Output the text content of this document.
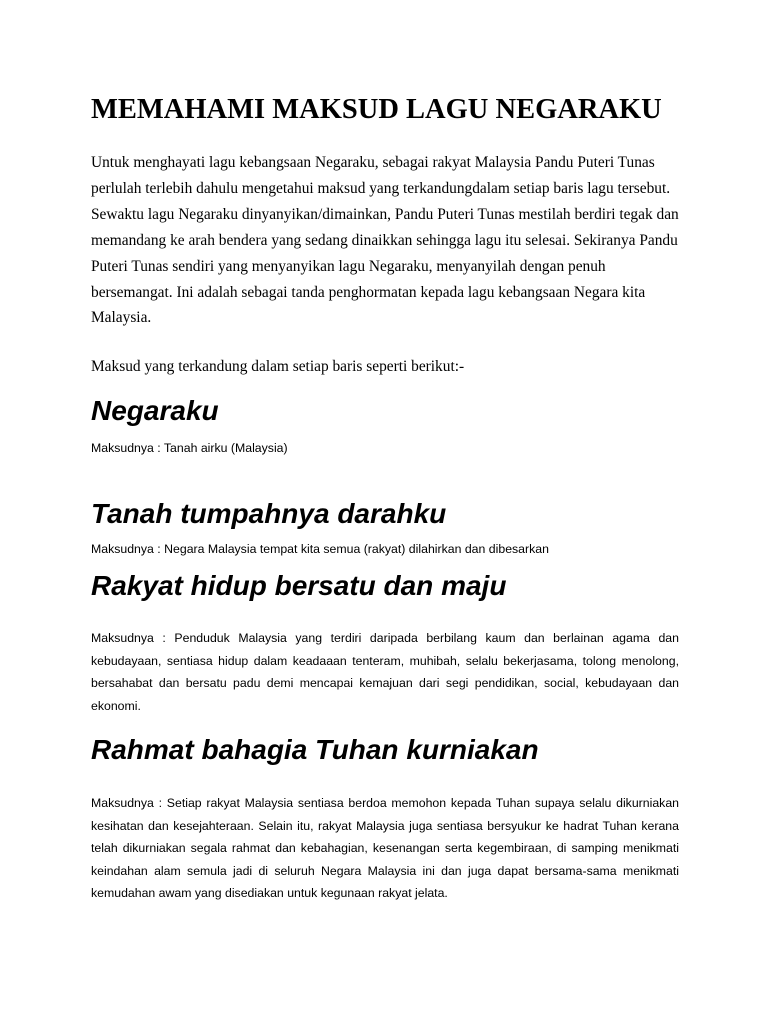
MEMAHAMI MAKSUD LAGU NEGARAKU

Untuk menghayati lagu kebangsaan Negaraku, sebagai rakyat Malaysia Pandu Puteri Tunas perlulah terlebih dahulu mengetahui maksud yang terkandungdalam setiap baris lagu tersebut. Sewaktu lagu Negaraku dinyanyikan/dimainkan, Pandu Puteri Tunas mestilah berdiri tegak dan memandang ke arah bendera yang sedang dinaikkan sehingga lagu itu selesai. Sekiranya Pandu Puteri Tunas sendiri yang menyanyikan lagu Negaraku, menyanyilah dengan penuh bersemangat. Ini adalah sebagai tanda penghormatan kepada lagu kebangsaan Negara kita Malaysia.

Maksud yang terkandung dalam setiap baris seperti berikut:-

Negaraku

Maksudnya : Tanah airku (Malaysia)

Tanah tumpahnya darahku

Maksudnya : Negara Malaysia tempat kita semua (rakyat) dilahirkan dan dibesarkan

Rakyat hidup bersatu dan maju

Maksudnya : Penduduk Malaysia yang terdiri daripada berbilang kaum dan berlainan agama dan kebudayaan, sentiasa hidup dalam keadaaan tenteram, muhibah, selalu bekerjasama, tolong menolong, bersahabat dan bersatu padu demi mencapai kemajuan dari segi pendidikan, social, kebudayaan dan ekonomi.

Rahmat bahagia Tuhan kurniakan

Maksudnya : Setiap rakyat Malaysia sentiasa berdoa memohon kepada Tuhan supaya selalu dikurniakan kesihatan dan kesejahteraan. Selain itu, rakyat Malaysia juga sentiasa bersyukur ke hadrat Tuhan kerana telah dikurniakan segala rahmat dan kebahagian, kesenangan serta kegembiraan, di samping menikmati keindahan alam semula jadi di seluruh Negara Malaysia ini dan juga dapat bersama-sama menikmati kemudahan awam yang disediakan untuk kegunaan rakyat jelata.
